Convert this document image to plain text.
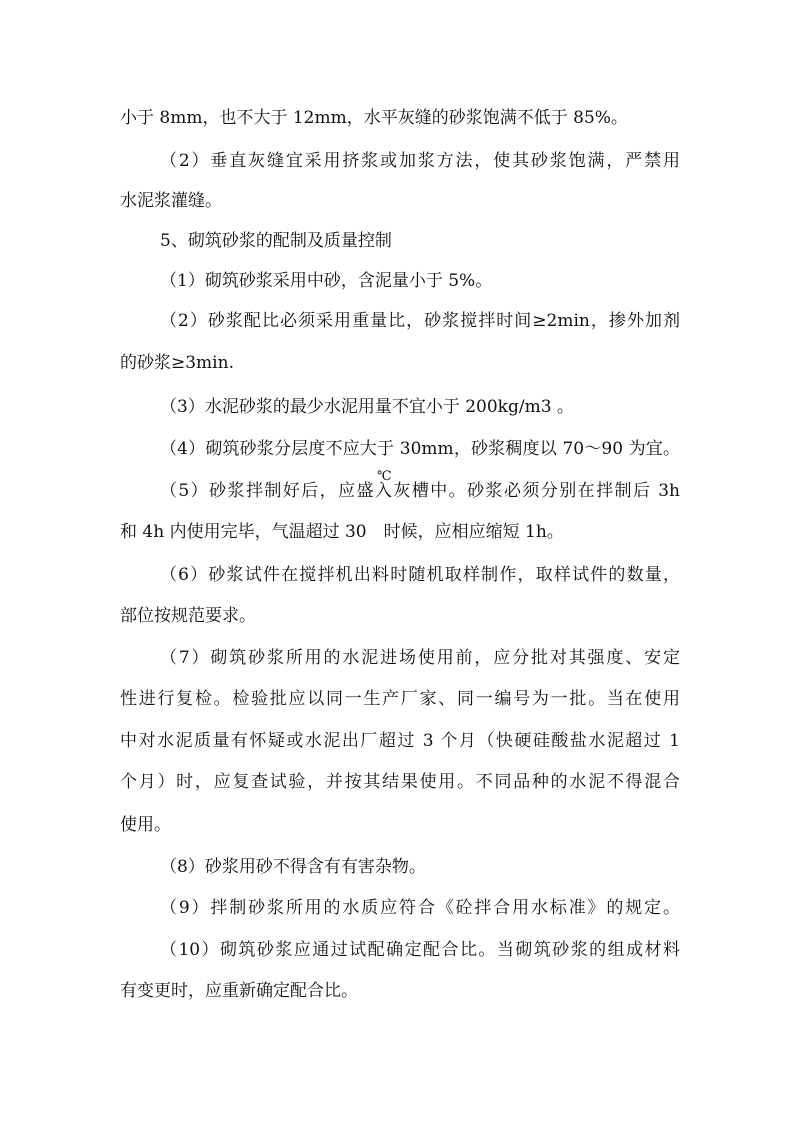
小于 8mm，也不大于 12mm，水平灰缝的砂浆饱满不低于 85%。
（2）垂直灰缝宜采用挤浆或加浆方法，使其砂浆饱满，严禁用
水泥浆灌缝。
5、砌筑砂浆的配制及质量控制
（1）砌筑砂浆采用中砂，含泥量小于 5%。
（2）砂浆配比必须采用重量比，砂浆搅拌时间≥2min，掺外加剂
的砂浆≥3min.
（3）水泥砂浆的最少水泥用量不宜小于 200kg/m3 。
（4）砌筑砂浆分层度不应大于 30mm，砂浆稠度以 70～90 为宜。
℃
（5）砂浆拌制好后，应盛入灰槽中。砂浆必须分别在拌制后 3h
和 4h 内使用完毕，气温超过 30　时候，应相应缩短 1h。
（6）砂浆试件在搅拌机出料时随机取样制作，取样试件的数量，
部位按规范要求。
（7）砌筑砂浆所用的水泥进场使用前，应分批对其强度、安定
性进行复检。检验批应以同一生产厂家、同一编号为一批。当在使用
中对水泥质量有怀疑或水泥出厂超过 3 个月（快硬硅酸盐水泥超过 1
个月）时，应复查试验，并按其结果使用。不同品种的水泥不得混合
使用。
（8）砂浆用砂不得含有有害杂物。
（9）拌制砂浆所用的水质应符合《砼拌合用水标准》的规定。
（10）砌筑砂浆应通过试配确定配合比。当砌筑砂浆的组成材料
有变更时，应重新确定配合比。
